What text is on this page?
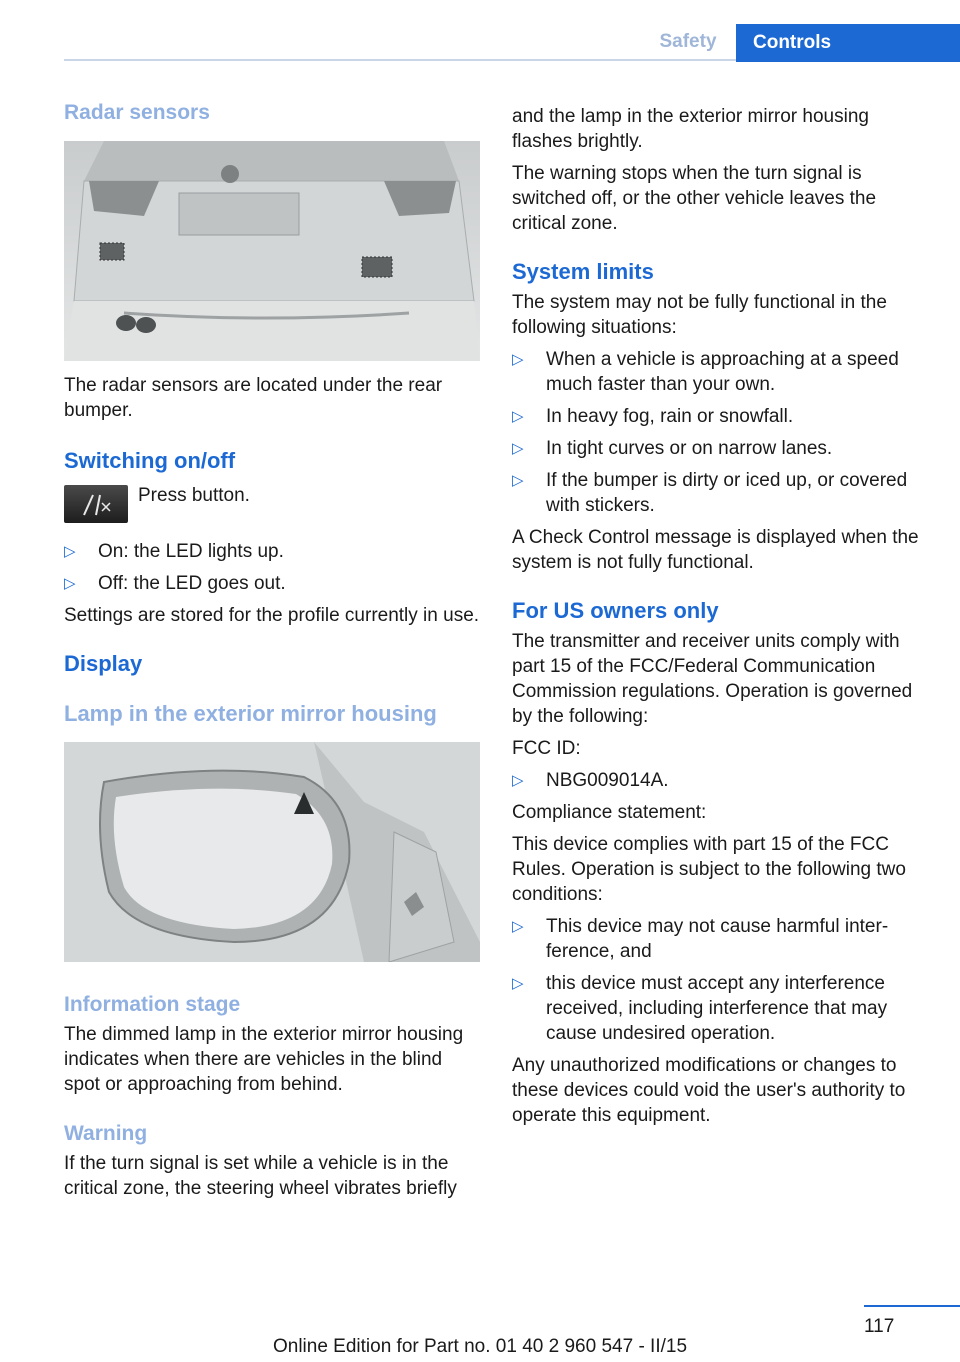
Safety	Controls
Radar sensors

The radar sensors are located under the rear bumper.

Switching on/off

Press button.

▷ On: the LED lights up.
▷ Off: the LED goes out.

Settings are stored for the profile currently in use.

Display
Lamp in the exterior mirror housing
Information stage

The dimmed lamp in the exterior mirror housing indicates when there are vehicles in the blind spot or approaching from behind.

Warning

If the turn signal is set while a vehicle is in the critical zone, the steering wheel vibrates briefly

and the lamp in the exterior mirror housing flashes brightly.

The warning stops when the turn signal is switched off, or the other vehicle leaves the critical zone.

System limits

The system may not be fully functional in the following situations:

▷ When a vehicle is approaching at a speed much faster than your own.
▷ In heavy fog, rain or snowfall.
▷ In tight curves or on narrow lanes.
▷ If the bumper is dirty or iced up, or covered with stickers.

A Check Control message is displayed when the system is not fully functional.

For US owners only

The transmitter and receiver units comply with part 15 of the FCC/Federal Communication Commission regulations. Operation is governed by the following:

FCC ID:

▷ NBG009014A.

Compliance statement:

This device complies with part 15 of the FCC Rules. Operation is subject to the following two conditions:

▷ This device may not cause harmful interference, and
▷ this device must accept any interference received, including interference that may cause undesired operation.

Any unauthorized modifications or changes to these devices could void the user's authority to operate this equipment.

117
Online Edition for Part no. 01 40 2 960 547 - II/15
